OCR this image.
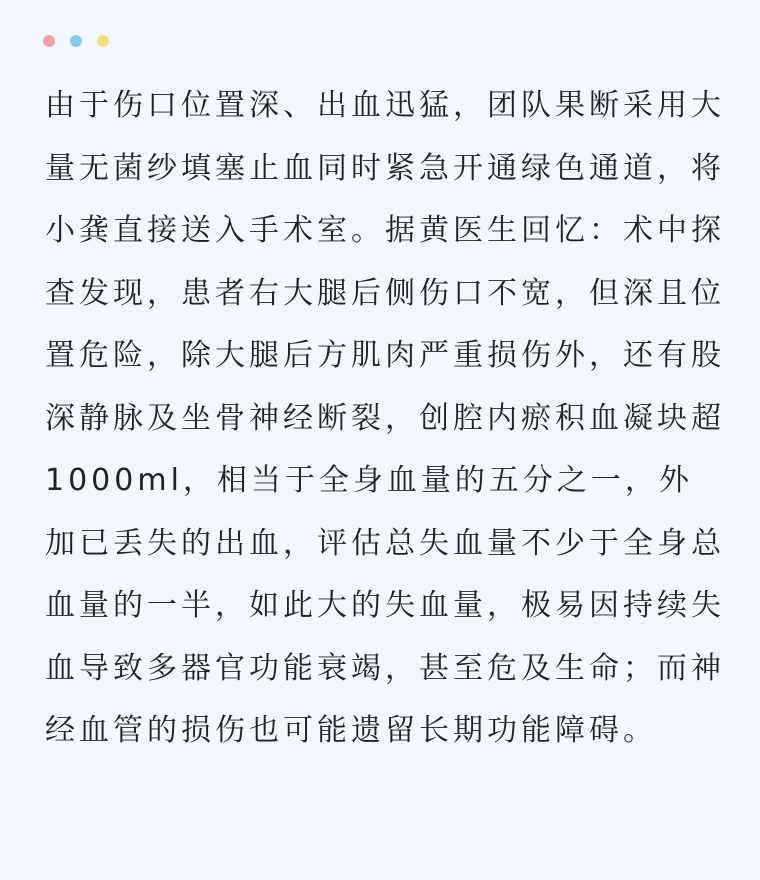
由于伤口位置深、出血迅猛，团队果断采用大量无菌纱填塞止血同时紧急开通绿色通道，将小龚直接送入手术室。据黄医生回忆：术中探查发现，患者右大腿后侧伤口不宽，但深且位置危险，除大腿后方肌肉严重损伤外，还有股深静脉及坐骨神经断裂，创腔内瘀积血凝块超1000ml，相当于全身血量的五分之一，外加已丢失的出血，评估总失血量不少于全身总血量的一半，如此大的失血量，极易因持续失血导致多器官功能衰竭，甚至危及生命；而神经血管的损伤也可能遗留长期功能障碍。
